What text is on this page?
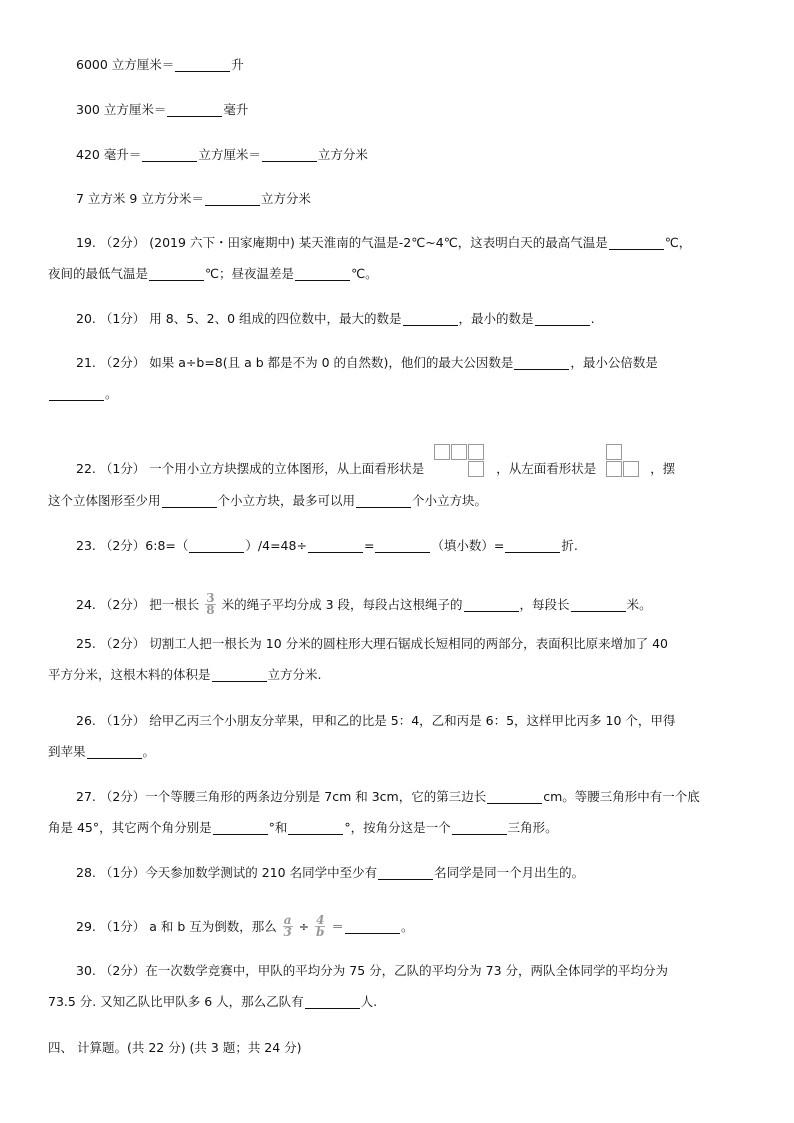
6000 立方厘米＝	升
300 立方厘米＝	毫升
420 毫升＝	立方厘米＝	立方分米
7 立方米 9 立方分米＝	立方分米
19. （2分） (2019 六下・田家庵期中) 某天淮南的气温是-2℃~4℃，这表明白天的最高气温是	℃，
夜间的最低气温是	℃；昼夜温差是	℃。
20. （1分） 用 8、5、2、0 组成的四位数中，最大的数是	，最小的数是	.
21. （2分） 如果 a÷b=8(且 a b 都是不为 0 的自然数)，他们的最大公因数是	，最小公倍数是
。
22. （1分） 一个用小立方块摆成的立体图形，从上面看形状是	，从左面看形状是	，摆
这个立体图形至少用	个小立方块，最多可以用	个小立方块。
23. （2分）6:8=（	）/4=48÷	=	（填小数）=	折.
24. （2分） 把一根长 $\frac{3}{8}$ 米的绳子平均分成 3 段，每段占这根绳子的	，每段长	米。
25. （2分） 切割工人把一根长为 10 分米的圆柱形大理石锯成长短相同的两部分，表面积比原来增加了 40
平方分米，这根木料的体积是	立方分米.
26. （1分） 给甲乙丙三个小朋友分苹果，甲和乙的比是 5：4，乙和丙是 6：5，这样甲比丙多 10 个，甲得
到苹果	。
27. （2分）一个等腰三角形的两条边分别是 7cm 和 3cm，它的第三边长	cm。等腰三角形中有一个底
角是 45°，其它两个角分别是	°和	°，按角分这是一个	三角形。
28. （1分）今天参加数学测试的 210 名同学中至少有	名同学是同一个月出生的。
29. （1分） a 和 b 互为倒数，那么 $\frac{a}{3} \div \frac{4}{b}$ ＝	。
30. （2分）在一次数学竞赛中，甲队的平均分为 75 分，乙队的平均分为 73 分，两队全体同学的平均分为
73.5 分. 又知乙队比甲队多 6 人，那么乙队有	人.
四、 计算题。(共 22 分) (共 3 题；共 24 分)
